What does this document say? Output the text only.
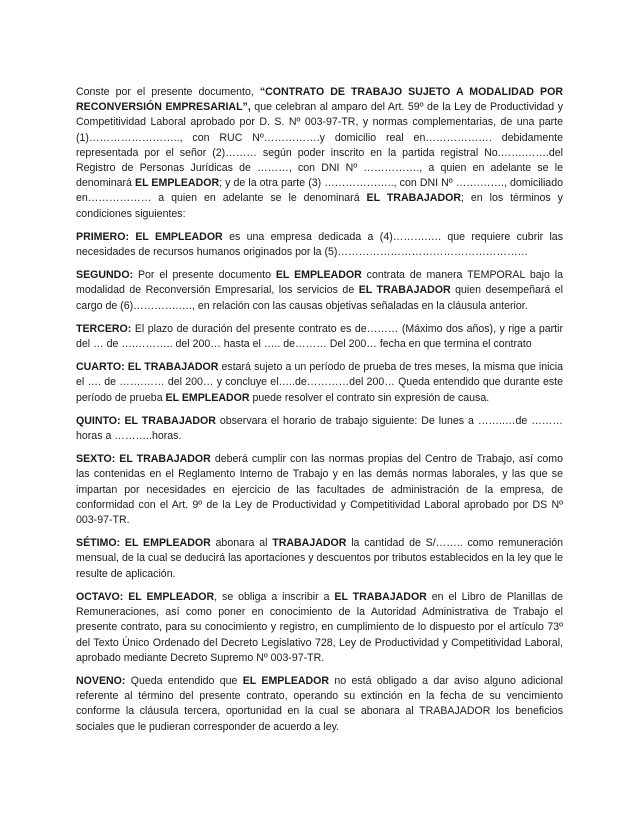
Conste por el presente documento, “CONTRATO DE TRABAJO SUJETO A MODALIDAD POR RECONVERSIÓN EMPRESARIAL”, que celebran al amparo del Art. 59º de la Ley de Productividad y Competitividad Laboral aprobado por D. S. Nº 003-97-TR, y normas complementarias, de una parte (1)…………………….., con RUC Nº…………….y domicilio real en………………. debidamente representada por el señor (2)……… según poder inscrito en la partida registral No.…….…….del Registro de Personas Jurídicas de ………, con DNI Nº ……………., a quien en adelante se le denominará EL EMPLEADOR; y de la otra parte (3) ……………….., con DNI Nº …….……., domiciliado en……………… a quien en adelante se le denominará EL TRABAJADOR; en los términos y condiciones siguientes:

PRIMERO: EL EMPLEADOR es una empresa dedicada a (4)……….…. que requiere cubrir las necesidades de recursos humanos originados por la (5)………………………………………………

SEGUNDO: Por el presente documento EL EMPLEADOR contrata de manera TEMPORAL bajo la modalidad de Reconversión Empresarial, los servicios de EL TRABAJADOR quien desempeñará el cargo de (6)………….…., en relación con las causas objetivas señaladas en la cláusula anterior.

TERCERO: El plazo de duración del presente contrato es de……… (Máximo dos años), y rige a partir del … de ….……….. del 200… hasta el ….. de……… Del 200… fecha en que termina el contrato

CUARTO: EL TRABAJADOR estará sujeto a un período de prueba de tres meses, la misma que inicia el …. de …….…… del 200… y concluye el…..de…………del 200… Queda entendido que durante este período de prueba EL EMPLEADOR puede resolver el contrato sin expresión de causa.

QUINTO: EL TRABAJADOR observara el horario de trabajo siguiente: De lunes a ……..…de ………horas a ………..horas.

SEXTO: EL TRABAJADOR deberá cumplir con las normas propias del Centro de Trabajo, así como las contenidas en el Reglamento Interno de Trabajo y en las demás normas laborales, y las que se impartan por necesidades en ejercicio de las facultades de administración de la empresa, de conformidad con el Art. 9º de la Ley de Productividad y Competitividad Laboral aprobado por DS Nº 003-97-TR.

SÉTIMO: EL EMPLEADOR abonara al TRABAJADOR la cantidad de S/…….. como remuneración mensual, de la cual se deducirá las aportaciones y descuentos por tributos establecidos en la ley que le resulte de aplicación.

OCTAVO: EL EMPLEADOR, se obliga a inscribir a EL TRABAJADOR en el Libro de Planillas de Remuneraciones, así como poner en conocimiento de la Autoridad Administrativa de Trabajo el presente contrato, para su conocimiento y registro, en cumplimiento de lo dispuesto por el artículo 73º del Texto Único Ordenado del Decreto Legislativo 728, Ley de Productividad y Competitividad Laboral, aprobado mediante Decreto Supremo Nº 003-97-TR.

NOVENO: Queda entendido que EL EMPLEADOR no está obligado a dar aviso alguno adicional referente al término del presente contrato, operando su extinción en la fecha de su vencimiento conforme la cláusula tercera, oportunidad en la cual se abonara al TRABAJADOR los beneficios sociales que le pudieran corresponder de acuerdo a ley.
